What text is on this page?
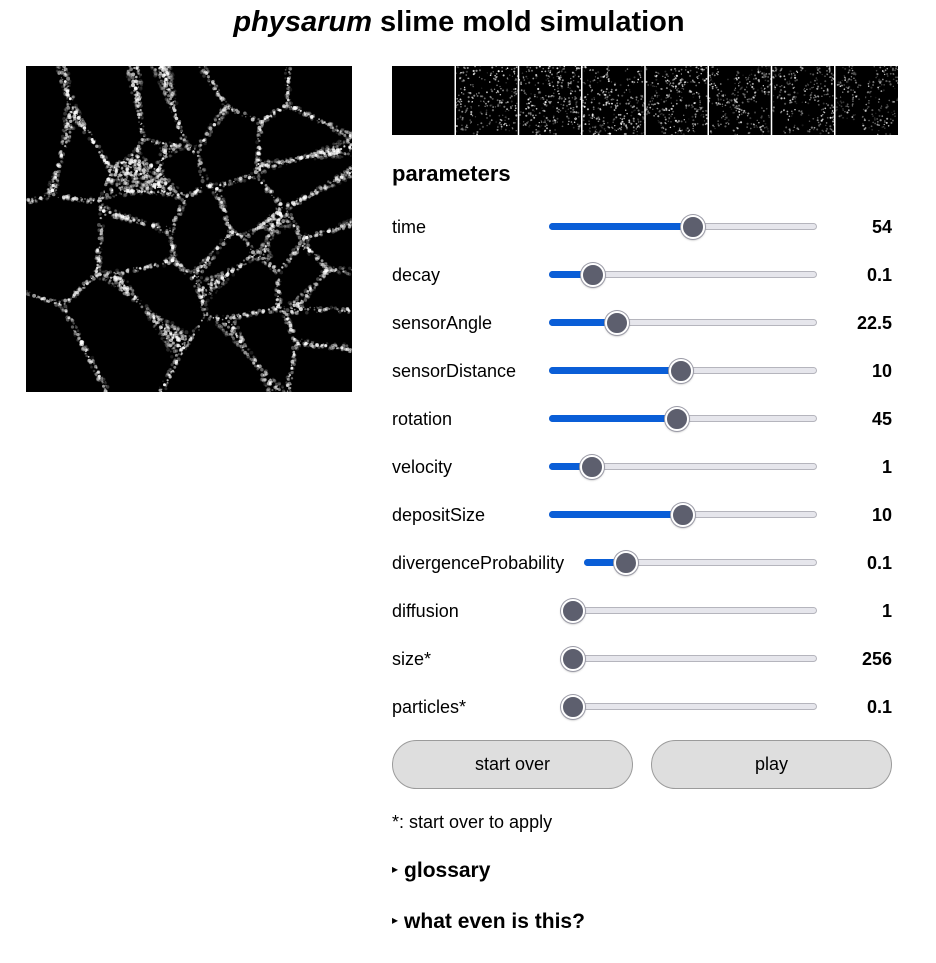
physarum slime mold simulation
parameters
time	54
decay	0.1
sensorAngle	22.5
sensorDistance	10
rotation	45
velocity	1
depositSize	10
divergenceProbability	0.1
diffusion	1
size*	256
particles*	0.1
start over	play
*: start over to apply
▸ glossary
▸ what even is this?
